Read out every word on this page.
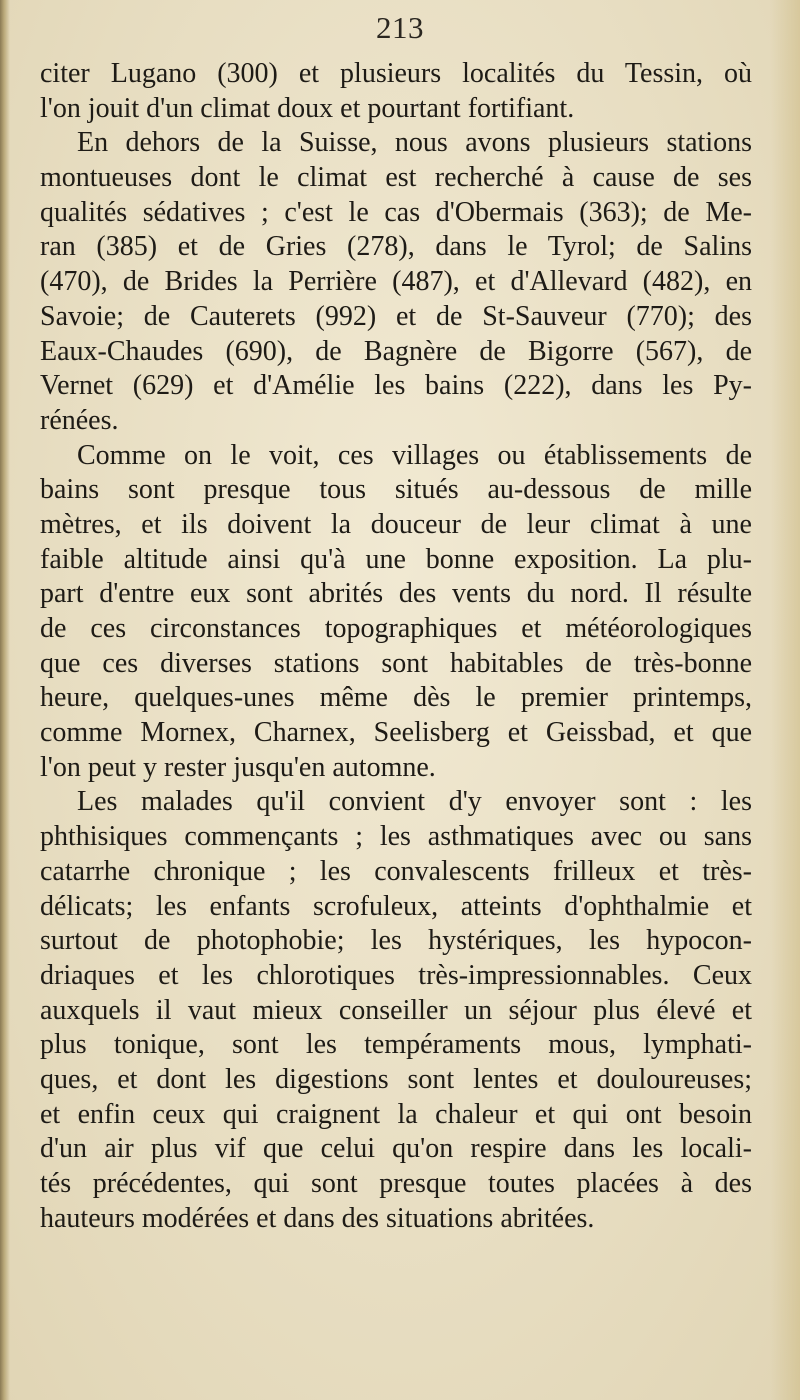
213
citer Lugano (300) et plusieurs localités du Tessin, où
l'on jouit d'un climat doux et pourtant fortifiant.
En dehors de la Suisse, nous avons plusieurs stations
montueuses dont le climat est recherché à cause de ses
qualités sédatives ; c'est le cas d'Obermais (363); de Me-
ran (385) et de Gries (278), dans le Tyrol; de Salins
(470), de Brides la Perrière (487), et d'Allevard (482), en
Savoie; de Cauterets (992) et de St-Sauveur (770); des
Eaux-Chaudes (690), de Bagnère de Bigorre (567), de
Vernet (629) et d'Amélie les bains (222), dans les Py-
rénées.
Comme on le voit, ces villages ou établissements de
bains sont presque tous situés au-dessous de mille
mètres, et ils doivent la douceur de leur climat à une
faible altitude ainsi qu'à une bonne exposition. La plu-
part d'entre eux sont abrités des vents du nord. Il résulte
de ces circonstances topographiques et météorologiques
que ces diverses stations sont habitables de très-bonne
heure, quelques-unes même dès le premier printemps,
comme Mornex, Charnex, Seelisberg et Geissbad, et que
l'on peut y rester jusqu'en automne.
Les malades qu'il convient d'y envoyer sont : les
phthisiques commençants ; les asthmatiques avec ou sans
catarrhe chronique ; les convalescents frilleux et très-
délicats; les enfants scrofuleux, atteints d'ophthalmie et
surtout de photophobie; les hystériques, les hypocon-
driaques et les chlorotiques très-impressionnables. Ceux
auxquels il vaut mieux conseiller un séjour plus élevé et
plus tonique, sont les tempéraments mous, lymphati-
ques, et dont les digestions sont lentes et douloureuses;
et enfin ceux qui craignent la chaleur et qui ont besoin
d'un air plus vif que celui qu'on respire dans les locali-
tés précédentes, qui sont presque toutes placées à des
hauteurs modérées et dans des situations abritées.
